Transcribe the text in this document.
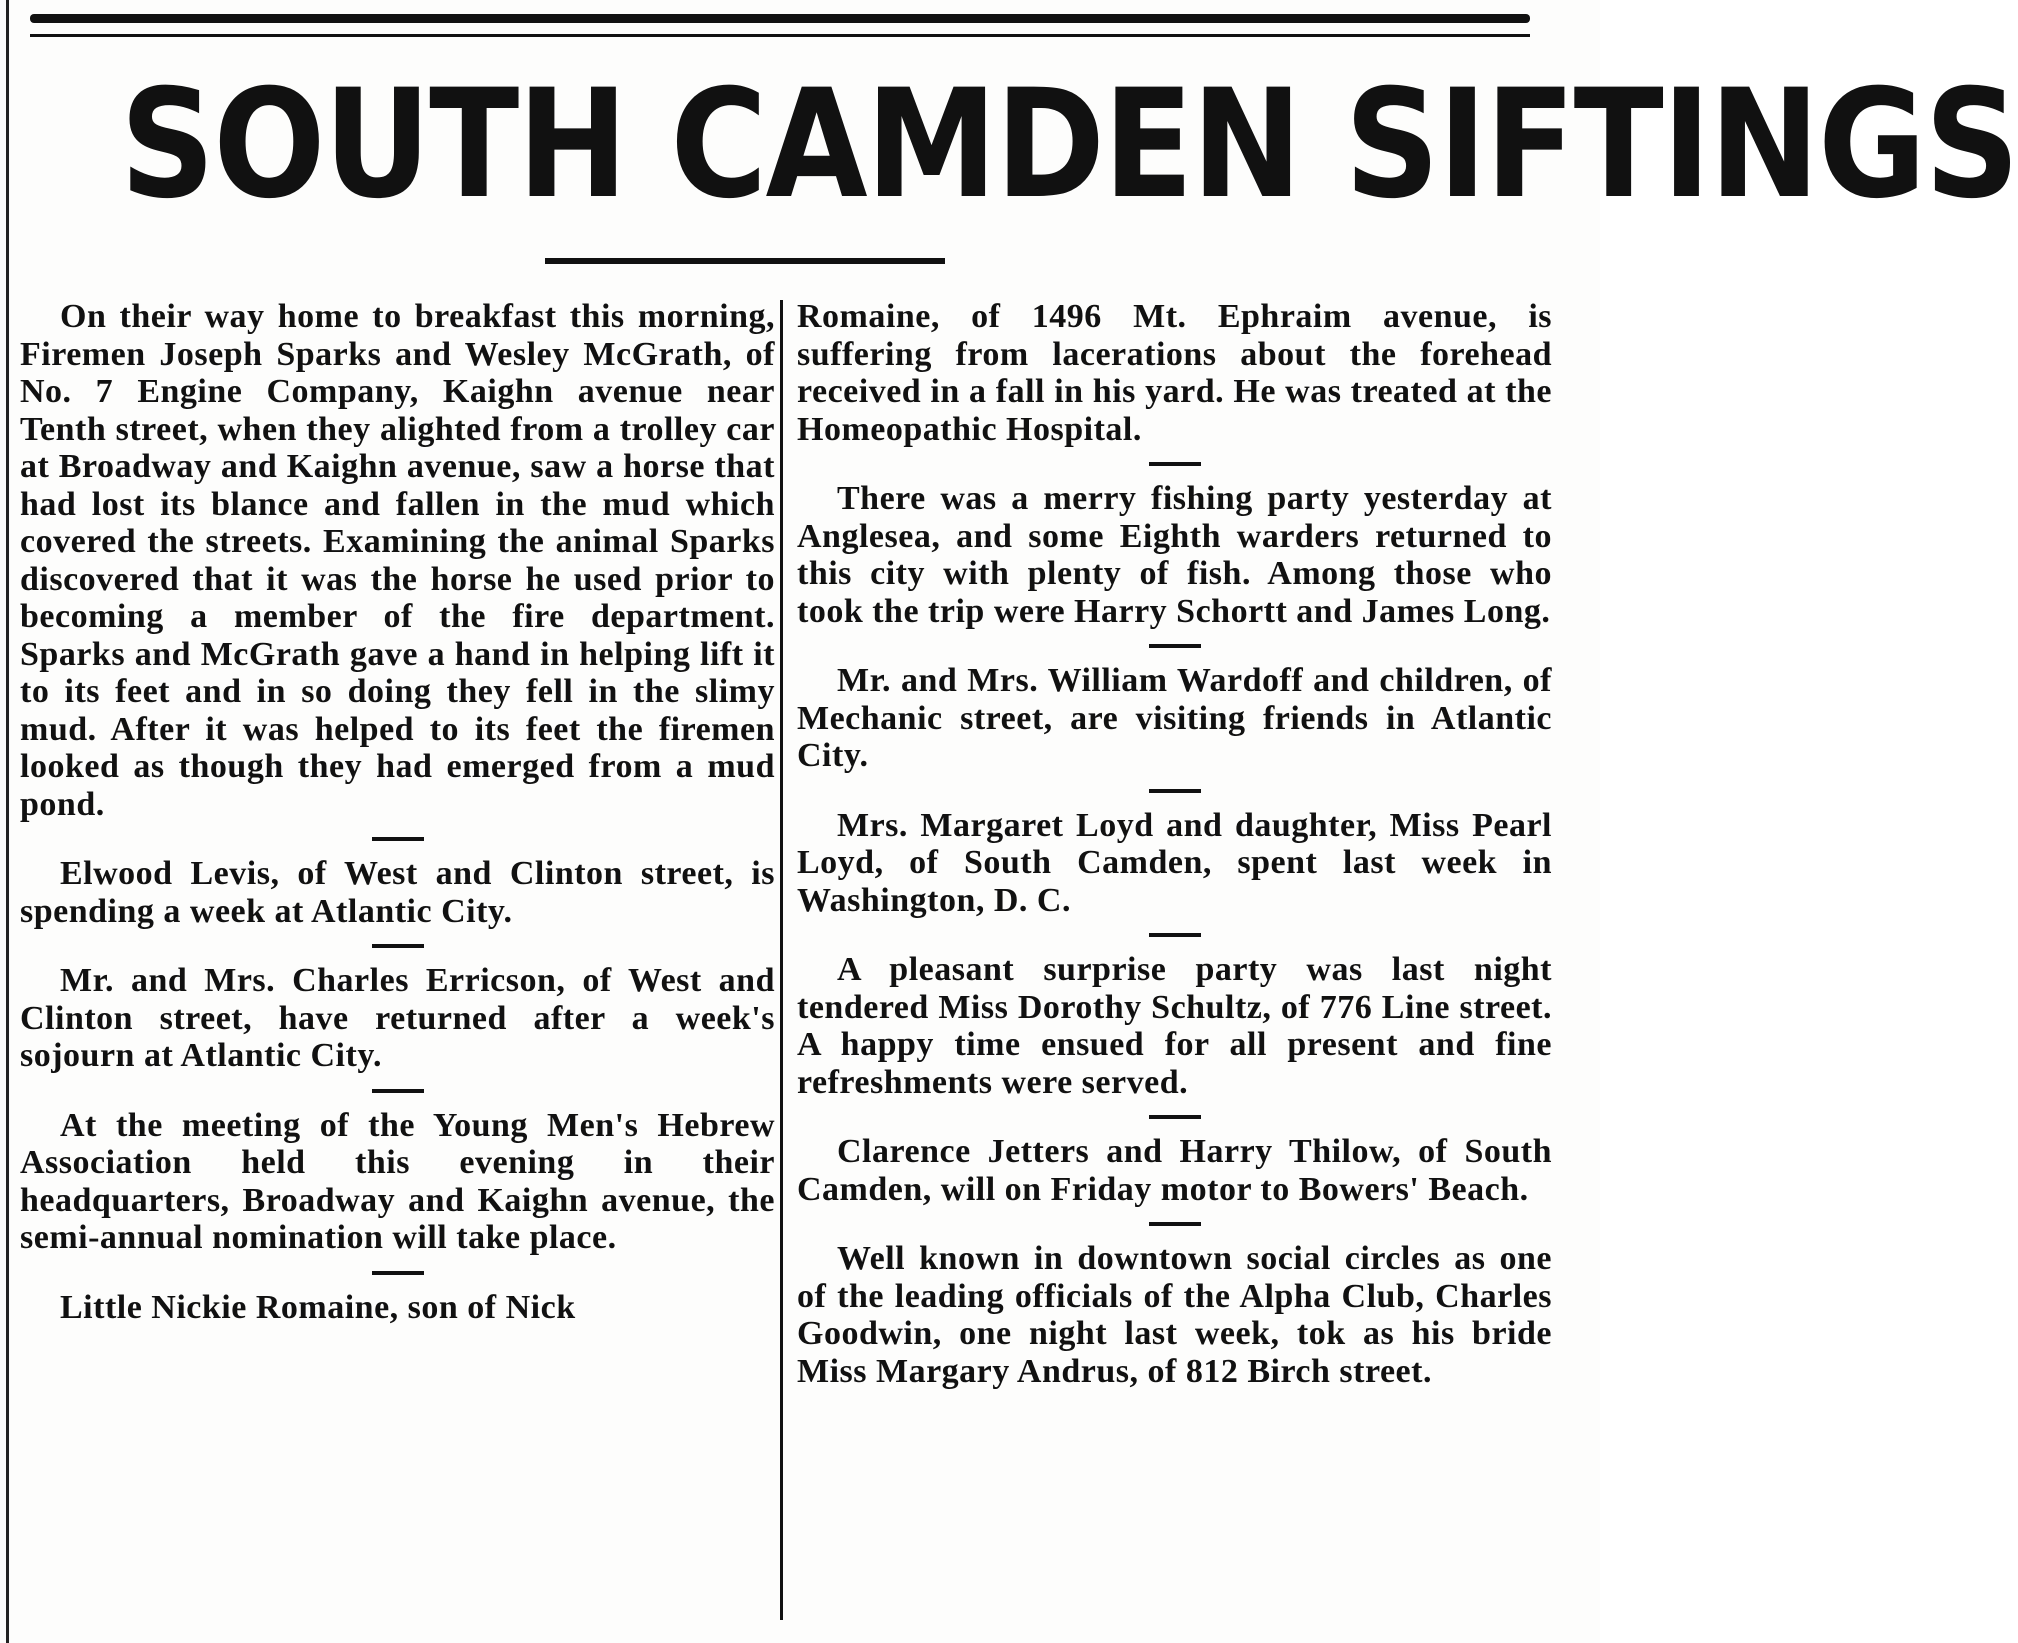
SOUTH CAMDEN SIFTINGS

On their way home to breakfast this morning, Firemen Joseph Sparks and Wesley McGrath, of No. 7 Engine Company, Kaighn avenue near Tenth street, when they alighted from a trolley car at Broadway and Kaighn avenue, saw a horse that had lost its blance and fallen in the mud which covered the streets. Examining the animal Sparks discovered that it was the horse he used prior to becoming a member of the fire department. Sparks and McGrath gave a hand in helping lift it to its feet and in so doing they fell in the slimy mud. After it was helped to its feet the firemen looked as though they had emerged from a mud pond.

Elwood Levis, of West and Clinton street, is spending a week at Atlantic City.

Mr. and Mrs. Charles Erricson, of West and Clinton street, have returned after a week's sojourn at Atlantic City.

At the meeting of the Young Men's Hebrew Association held this evening in their headquarters, Broadway and Kaighn avenue, the semi-annual nomination will take place.

Little Nickie Romaine, son of Nick

Romaine, of 1496 Mt. Ephraim avenue, is suffering from lacerations about the forehead received in a fall in his yard. He was treated at the Homeopathic Hospital.

There was a merry fishing party yesterday at Anglesea, and some Eighth warders returned to this city with plenty of fish. Among those who took the trip were Harry Schortt and James Long.

Mr. and Mrs. William Wardoff and children, of Mechanic street, are visiting friends in Atlantic City.

Mrs. Margaret Loyd and daughter, Miss Pearl Loyd, of South Camden, spent last week in Washington, D. C.

A pleasant surprise party was last night tendered Miss Dorothy Schultz, of 776 Line street. A happy time ensued for all present and fine refreshments were served.

Clarence Jetters and Harry Thilow, of South Camden, will on Friday motor to Bowers' Beach.

Well known in downtown social circles as one of the leading officials of the Alpha Club, Charles Goodwin, one night last week, tok as his bride Miss Margary Andrus, of 812 Birch street.
